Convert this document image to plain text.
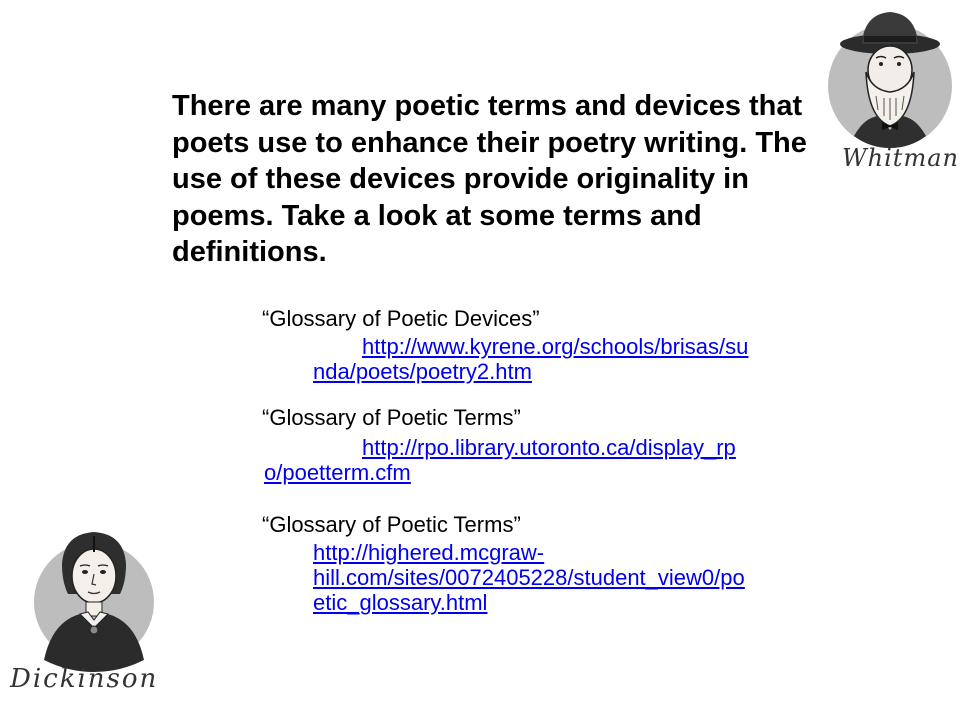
There are many poetic terms and devices that poets use to enhance their poetry writing. The use of these devices provide originality in poems. Take a look at some terms and definitions.

“Glossary of Poetic Devices”

http://www.kyrene.org/schools/brisas/su

nda/poets/poetry2.htm

“Glossary of Poetic Terms”

http://rpo.library.utoronto.ca/display_rp

o/poetterm.cfm

“Glossary of Poetic Terms”

http://highered.mcgraw-

hill.com/sites/0072405228/student_view0/po

etic_glossary.html

Whitman
Dickinson
